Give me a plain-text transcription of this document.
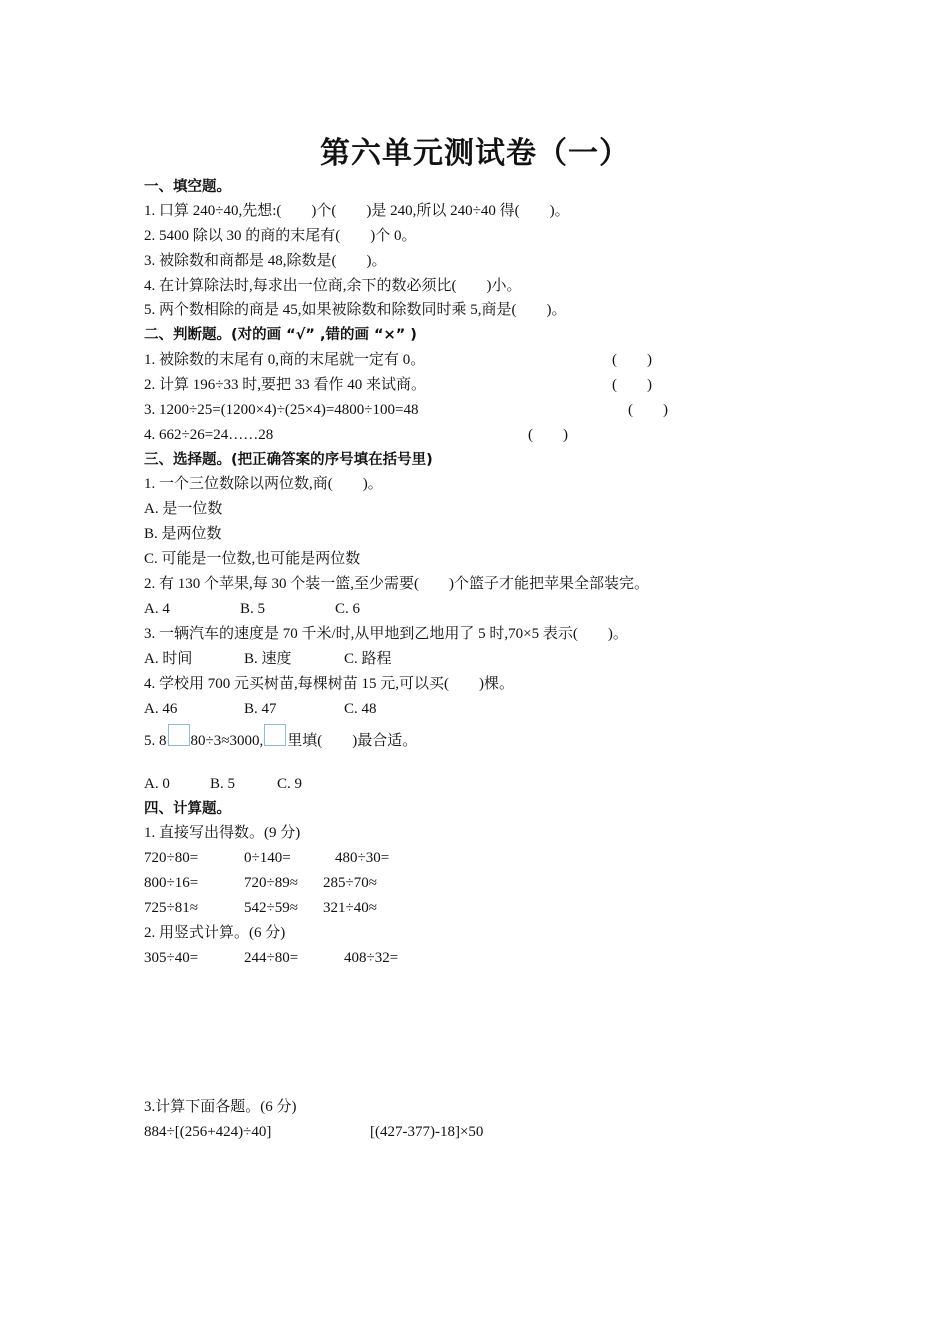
第六单元测试卷（一）
一、填空题。
1. 口算 240÷40,先想:(        )个(        )是 240,所以 240÷40 得(        )。
2. 5400 除以 30 的商的末尾有(        )个 0。
3. 被除数和商都是 48,除数是(        )。
4. 在计算除法时,每求出一位商,余下的数必须比(        )小。
5. 两个数相除的商是 45,如果被除数和除数同时乘 5,商是(        )。
二、判断题。(对的画 “√” ,错的画 “×” )
1. 被除数的末尾有 0,商的末尾就一定有 0。	(        )
2. 计算 196÷33 时,要把 33 看作 40 来试商。	(        )
3. 1200÷25=(1200×4)÷(25×4)=4800÷100=48	(        )
4. 662÷26=24……28	(        )
三、选择题。(把正确答案的序号填在括号里)
1. 一个三位数除以两位数,商(        )。
A. 是一位数
B. 是两位数
C. 可能是一位数,也可能是两位数
2. 有 130 个苹果,每 30 个装一篮,至少需要(        )个篮子才能把苹果全部装完。
A. 4	B. 5	C. 6
3. 一辆汽车的速度是 70 千米/时,从甲地到乙地用了 5 时,70×5 表示(        )。
A. 时间	B. 速度	C. 路程
4. 学校用 700 元买树苗,每棵树苗 15 元,可以买(        )棵。
A. 46	B. 47	C. 48
5. 8 80÷3≈3000, 里填(        )最合适。
A. 0	B. 5	C. 9
四、计算题。
1. 直接写出得数。(9 分)
720÷80=	0÷140=	480÷30=
800÷16=	720÷89≈ 285÷70≈
725÷81≈	542÷59≈ 321÷40≈
2. 用竖式计算。(6 分)
305÷40=	244÷80=	408÷32=
3.计算下面各题。(6 分)
884÷[(256+424)÷40]	[(427-377)-18]×50
